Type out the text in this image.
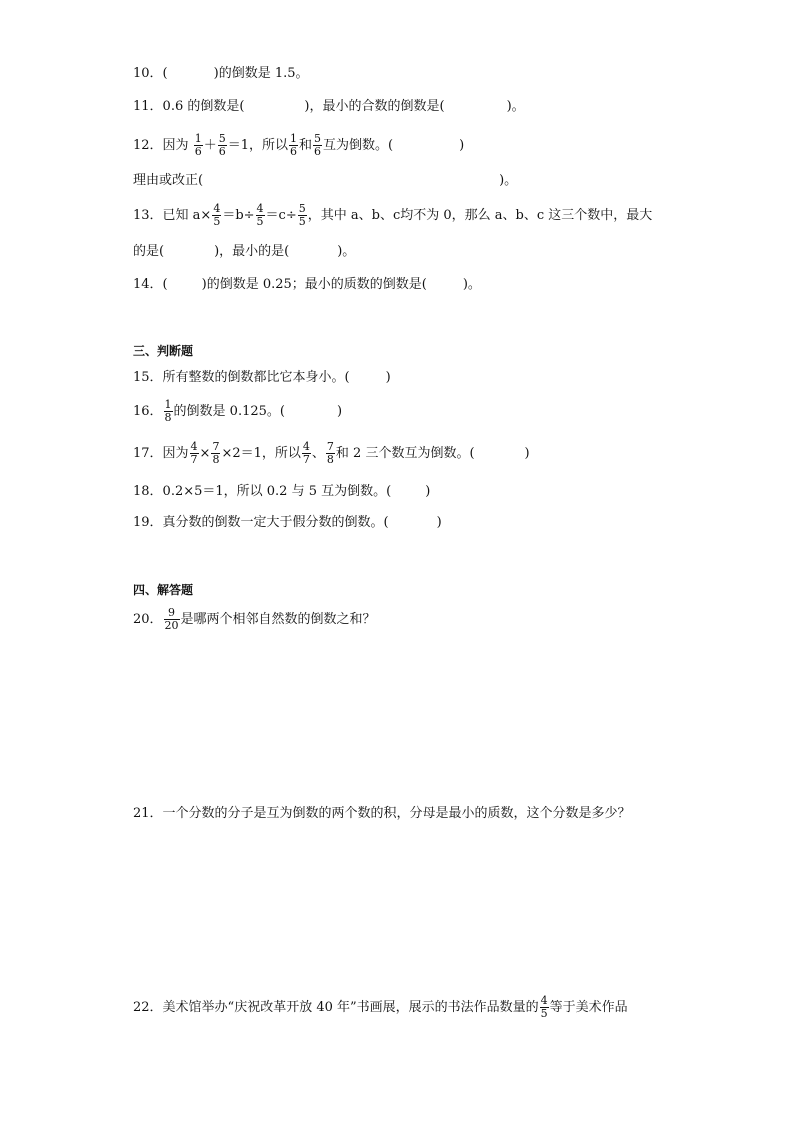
10．(	)的倒数是 1.5。
11．0.6 的倒数是(	)，最小的合数的倒数是(	)。
12．因为 $\frac{1}{6} + \frac{5}{6} =1$，所以 $\frac{1}{6}$ 和 $\frac{5}{6}$ 互为倒数。(	)
理由或改正(	)。
13．已知 $a\times \frac{4}{5} =b\div \frac{4}{5} =c\div \frac{5}{5}$ ，其中 a、b、c均不为 0，那么 a、b、c 这三个数中，最大
的是(	)，最小的是(	)。
14．(	)的倒数是 0.25；最小的质数的倒数是(	)。
三、判断题
15．所有整数的倒数都比它本身小。(	)
16． $\frac{1}{8}$ 的倒数是 0.125。(	)
17．因为 $\frac{4}{7} \times \frac{7}{8} \times 2=1$，所以 $\frac{4}{7}$ 、 $\frac{7}{8}$ 和 2 三个数互为倒数。(	)
18．0.2×5＝1，所以 0.2 与 5 互为倒数。(	)
19．真分数的倒数一定大于假分数的倒数。(	)
四、解答题
20． $\frac{9}{20}$ 是哪两个相邻自然数的倒数之和？
21．一个分数的分子是互为倒数的两个数的积，分母是最小的质数，这个分数是多少？
22．美术馆举办“庆祝改革开放 40 年”书画展，展示的书法作品数量的 $\frac{4}{5}$ 等于美术作品
